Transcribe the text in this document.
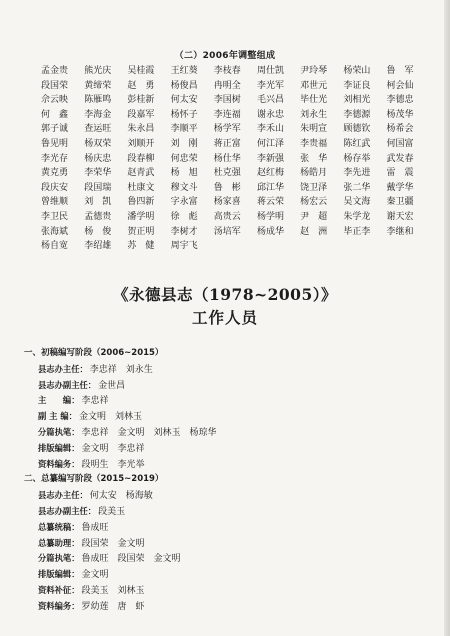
（二）2006年调整组成
孟金贵	熊光庆	吴桂霞	王红葵	李枝春	周仕凯	尹玲琴	杨荣山	鲁　军
段国荣	黄缔荣	赵　勇	杨俊昌	冉明全	李光军	邓世元	李证良	柯会仙
佘云映	陈雁鸣	彭桂新	何太安	李国树	毛兴昌	毕仕光	刘相光	李德忠
何　鑫	李海金	段嘉军	杨怀子	李连福	谢永忠	刘永生	李德源	杨茂华
郭子诚	查运旺	朱永昌	李顺平	杨学军	李禾山	朱明宣	顾德钦	杨希会
鲁见明	杨双荣	刘顺开	刘　刚	蒋正富	何江泽	李贵福	陈红武	何国富
李光存	杨庆忠	段春柳	何忠荣	杨仕华	李新强	张　华	杨存举	武发春
黄克勇	李荣华	赵青武	杨　旭	杜克强	赵红梅	杨皓月	李先进	雷　震
段庆安	段国瑞	杜康文	穆文斗	鲁　彬	邱江华	饶卫泽	张二华	戴学华
曾维顺	刘　凯	鲁四新	字永富	杨家喜	蒋云荣	杨宏云	吴文海	秦卫疆
李卫民	孟德贵	潘学明	徐　彪	高贵云	杨学明	尹　超	朱学龙	谢天宏
张海斌	杨　俊	贺正明	李树才	汤培军	杨成华	赵　洲	毕正李	李继和
杨自宽	李绍雄	苏　健	周宇飞
《永德县志（1978~2005）》
工作人员
一、初稿编写阶段（2006~2015）
县志办主任： 李忠祥　刘永生
县志办副主任： 金世昌
主　　编： 李忠祥
副 主 编： 金文明　刘林玉
分篇执笔： 李忠祥　金文明　刘林玉　杨琼华
排版编辑： 金文明　李忠祥
资料编务： 段明生　李光举
二、总纂编写阶段（2015~2019）
县志办主任： 何太安　杨海敏
县志办副主任： 段美玉
总纂统稿： 鲁成旺
总纂助理： 段国荣　金文明
分篇执笔： 鲁成旺　段国荣　金文明
排版编辑： 金文明
资料补征： 段美玉　刘林玉
资料编务： 罗幼莲　唐　虾
